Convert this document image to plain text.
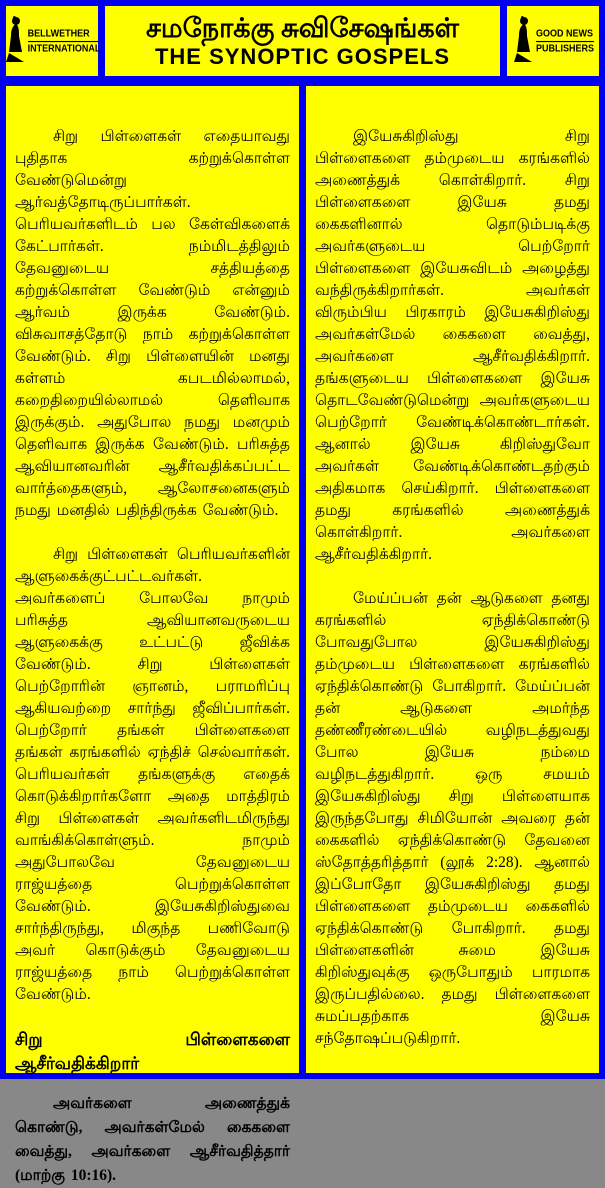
BELLWETHER
INTERNATIONAL
சமநோக்கு சுவிசேஷங்கள்
THE SYNOPTIC GOSPELS
GOOD NEWS
PUBLISHERS

சிறு பிள்ளைகள் எதையாவது புதிதாக கற்றுக்கொள்ள வேண்டுமென்று ஆர்வத்தோடிருப்பார்கள். பெரியவர்களிடம் பல கேள்விகளைக் கேட்பார்கள். நம்மிடத்திலும் தேவனுடைய சத்தியத்தை கற்றுக்கொள்ள வேண்டும் என்னும் ஆர்வம் இருக்க வேண்டும். விசுவாசத்தோடு நாம் கற்றுக்கொள்ள வேண்டும். சிறு பிள்ளையின் மனது கள்ளம் கபடமில்லாமல், கறைதிறையில்லாமல் தெளிவாக இருக்கும். அதுபோல நமது மனமும் தெளிவாக இருக்க வேண்டும். பரிசுத்த ஆவியானவரின் ஆசீர்வதிக்கப்பட்ட வார்த்தைகளும், ஆலோசனைகளும் நமது மனதில் பதிந்திருக்க வேண்டும்.

சிறு பிள்ளைகள் பெரியவர்களின் ஆளுகைக்குட்பட்டவர்கள். அவர்களைப் போலவே நாமும் பரிசுத்த ஆவியானவருடைய ஆளுகைக்கு உட்பட்டு ஜீவிக்க வேண்டும். சிறு பிள்ளைகள் பெற்றோரின் ஞானம், பராமரிப்பு ஆகியவற்றை சார்ந்து ஜீவிப்பார்கள். பெற்றோர் தங்கள் பிள்ளைகளை தங்கள் கரங்களில் ஏந்திச் செல்வார்கள். பெரியவர்கள் தங்களுக்கு எதைக் கொடுக்கிறார்களோ அதை மாத்திரம் சிறு பிள்ளைகள் அவர்களிடமிருந்து வாங்கிக்கொள்ளும். நாமும் அதுபோலவே தேவனுடைய ராஜ்யத்தை பெற்றுக்கொள்ள வேண்டும். இயேசுகிறிஸ்துவை சார்ந்திருந்து, மிகுந்த பணிவோடு அவர் கொடுக்கும் தேவனுடைய ராஜ்யத்தை நாம் பெற்றுக்கொள்ள வேண்டும்.

சிறு	பிள்ளைகளை
ஆசீர்வதிக்கிறார்

அவர்களை அணைத்துக் கொண்டு, அவர்கள்மேல் கைகளை வைத்து, அவர்களை ஆசீர்வதித்தார் (மாற்கு 10:16).

இயேசுகிறிஸ்து சிறு பிள்ளைகளை தம்முடைய கரங்களில் அணைத்துக் கொள்கிறார். சிறு பிள்ளைகளை இயேசு தமது கைகளினால் தொடும்படிக்கு அவர்களுடைய பெற்றோர் பிள்ளைகளை இயேசுவிடம் அழைத்து வந்திருக்கிறார்கள். அவர்கள் விரும்பிய பிரகாரம் இயேசுகிறிஸ்து அவர்கள்மேல் கைகளை வைத்து, அவர்களை ஆசீர்வதிக்கிறார். தங்களுடைய பிள்ளைகளை இயேசு தொடவேண்டுமென்று அவர்களுடைய பெற்றோர் வேண்டிக்கொண்டார்கள். ஆனால் இயேசு கிறிஸ்துவோ அவர்கள் வேண்டிக்கொண்டதற்கும் அதிகமாக செய்கிறார். பிள்ளைகளை தமது கரங்களில் அணைத்துக் கொள்கிறார். அவர்களை ஆசீர்வதிக்கிறார்.

மேய்ப்பன் தன் ஆடுகளை தனது கரங்களில் ஏந்திக்கொண்டு போவதுபோல இயேசுகிறிஸ்து தம்முடைய பிள்ளைகளை கரங்களில் ஏந்திக்கொண்டு போகிறார். மேய்ப்பன் தன் ஆடுகளை அமர்ந்த தண்ணீரண்டையில் வழிநடத்துவது போல இயேசு நம்மை வழிநடத்துகிறார். ஒரு சமயம் இயேசுகிறிஸ்து சிறு பிள்ளையாக இருந்தபோது சிமியோன் அவரை தன் கைகளில் ஏந்திக்கொண்டு தேவனை ஸ்தோத்தரித்தார் (லூக் 2:28). ஆனால் இப்போதோ இயேசுகிறிஸ்து தமது பிள்ளைகளை தம்முடைய கைகளில் ஏந்திக்கொண்டு போகிறார். தமது பிள்ளைகளின் சுமை இயேசு கிறிஸ்துவுக்கு ஒருபோதும் பாரமாக இருப்பதில்லை. தமது பிள்ளைகளை சுமப்பதற்காக இயேசு சந்தோஷப்படுகிறார்.
